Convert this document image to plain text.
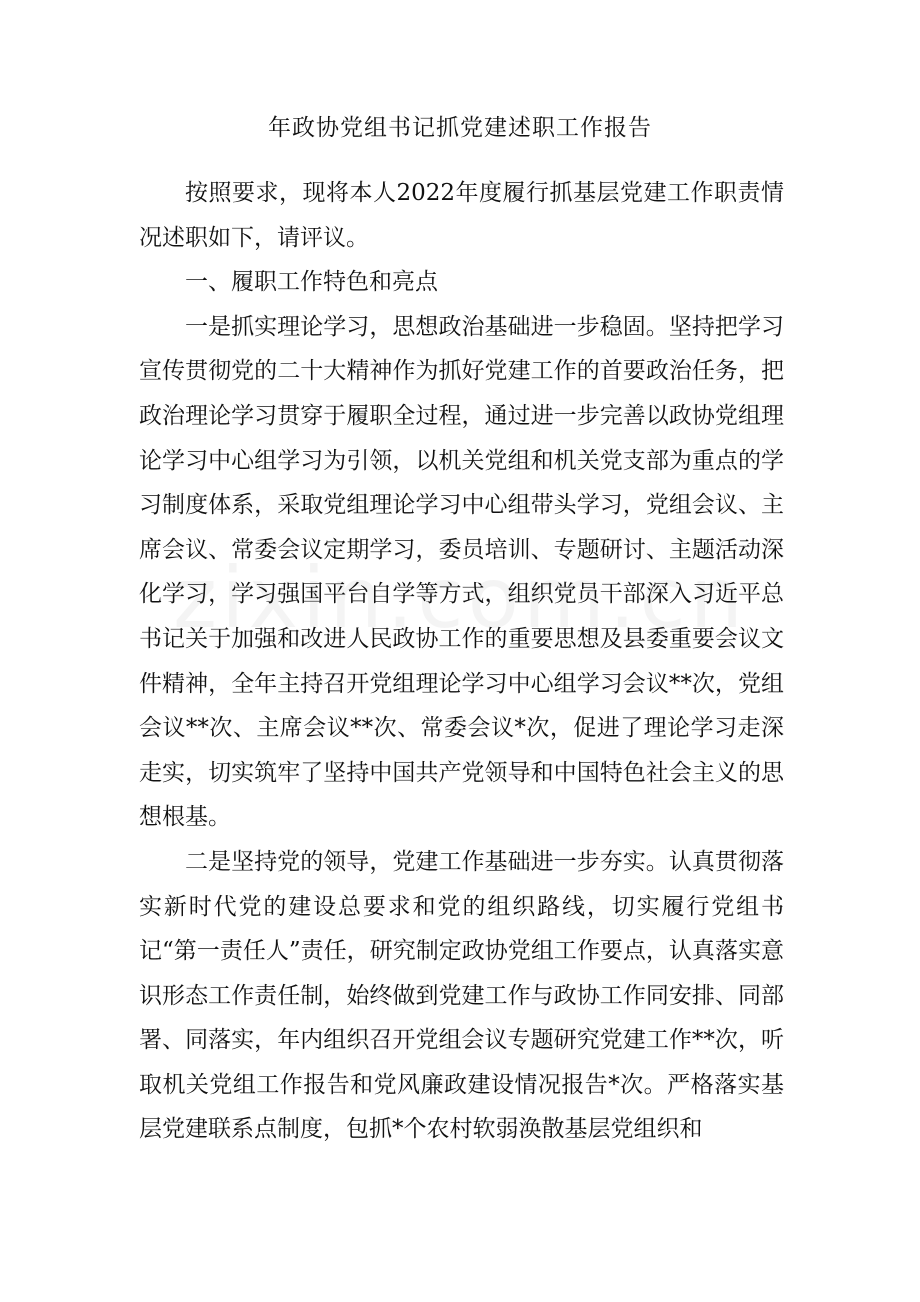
年政协党组书记抓党建述职工作报告

按照要求，现将本人2022年度履行抓基层党建工作职责情况述职如下，请评议。

一、履职工作特色和亮点

一是抓实理论学习，思想政治基础进一步稳固。坚持把学习宣传贯彻党的二十大精神作为抓好党建工作的首要政治任务，把政治理论学习贯穿于履职全过程，通过进一步完善以政协党组理论学习中心组学习为引领，以机关党组和机关党支部为重点的学习制度体系，采取党组理论学习中心组带头学习，党组会议、主席会议、常委会议定期学习，委员培训、专题研讨、主题活动深化学习，学习强国平台自学等方式，组织党员干部深入习近平总书记关于加强和改进人民政协工作的重要思想及县委重要会议文件精神，全年主持召开党组理论学习中心组学习会议**次，党组会议**次、主席会议**次、常委会议*次，促进了理论学习走深走实，切实筑牢了坚持中国共产党领导和中国特色社会主义的思想根基。

二是坚持党的领导，党建工作基础进一步夯实。认真贯彻落实新时代党的建设总要求和党的组织路线，切实履行党组书记“第一责任人”责任，研究制定政协党组工作要点，认真落实意识形态工作责任制，始终做到党建工作与政协工作同安排、同部署、同落实，年内组织召开党组会议专题研究党建工作**次，听取机关党组工作报告和党风廉政建设情况报告*次。严格落实基层党建联系点制度，包抓*个农村软弱涣散基层党组织和
